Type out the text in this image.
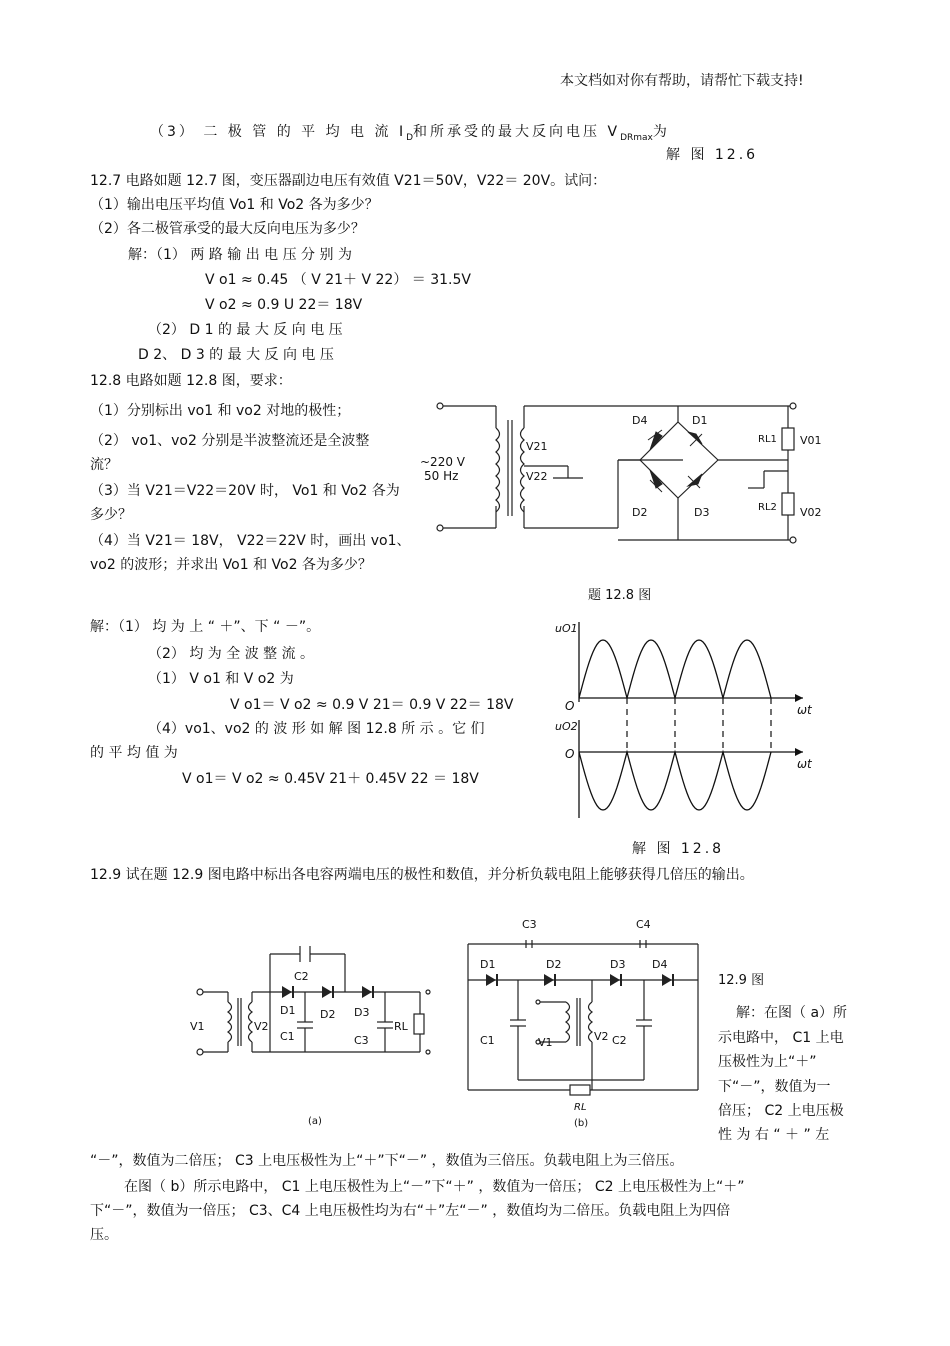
本文档如对你有帮助，请帮忙下载支持!
（3） 二 极 管 的 平 均 电 流 $I_D$和所承受的最大反向电压 $V_{DRmax}$为
解 图 12.6
12.7 电路如题 12.7 图，变压器副边电压有效值 V21＝50V，V22＝ 20V。试问：
（1）输出电压平均值 Vo1 和 Vo2 各为多少？
（2）各二极管承受的最大反向电压为多少？
解：（1） 两 路 输 出 电 压 分 别 为
V o1 ≈ 0.45 （ V 21＋ V 22） ＝ 31.5V
V o2 ≈ 0.9 U 22＝ 18V
（2） D 1 的 最 大 反 向 电 压
D 2、 D 3 的 最 大 反 向 电 压
12.8 电路如题 12.8 图，要求：
（1）分别标出 vo1 和 vo2 对地的极性；
（2） vo1、vo2 分别是半波整流还是全波整
流？
（3）当 V21＝V22＝20V 时， Vo1 和 Vo2 各为
多少？
（4）当 V21＝ 18V， V22＝22V 时，画出 vo1、
vo2 的波形；并求出 Vo1 和 Vo2 各为多少？
~220 V
50 Hz
V21
V22
D4	D1
D2	D3
RL1
RL2
V01
V02
题 12.8 图
解：（1） 均 为 上 “ ＋”、下 “ －”。
（2） 均 为 全 波 整 流 。
（1） V o1 和 V o2 为
V o1＝ V o2 ≈ 0.9 V 21＝ 0.9 V 22＝ 18V
（4）vo1、vo2 的 波 形 如 解 图 12.8 所 示 。它 们
的 平 均 值 为
V o1＝ V o2 ≈ 0.45V 21＋ 0.45V 22 ＝ 18V
uO1
uO2
O
O
ωt
ωt
解 图 12.8
12.9 试在题 12.9 图电路中标出各电容两端电压的极性和数值，并分析负载电阻上能够获得几倍压的输出。
V1	V2
C2
D1 D2 D3
C1	C3
RL
(a)
C3	C4
D1	D2	D3 D4
C1	V1	V2 C2
RL
(b)
12.9 图
解：在图（ a）所
示电路中， C1 上电
压极性为上“＋”
下“－”，数值为一
倍压； C2 上电压极
性 为 右 “ ＋ ” 左
“－”，数值为二倍压； C3 上电压极性为上“＋”下“－” ，数值为三倍压。负载电阻上为三倍压。
在图（ b）所示电路中， C1 上电压极性为上“－”下“＋” ，数值为一倍压； C2 上电压极性为上“＋”
下“－”，数值为一倍压； C3、C4 上电压极性均为右“＋”左“－” ，数值均为二倍压。负载电阻上为四倍
压。
